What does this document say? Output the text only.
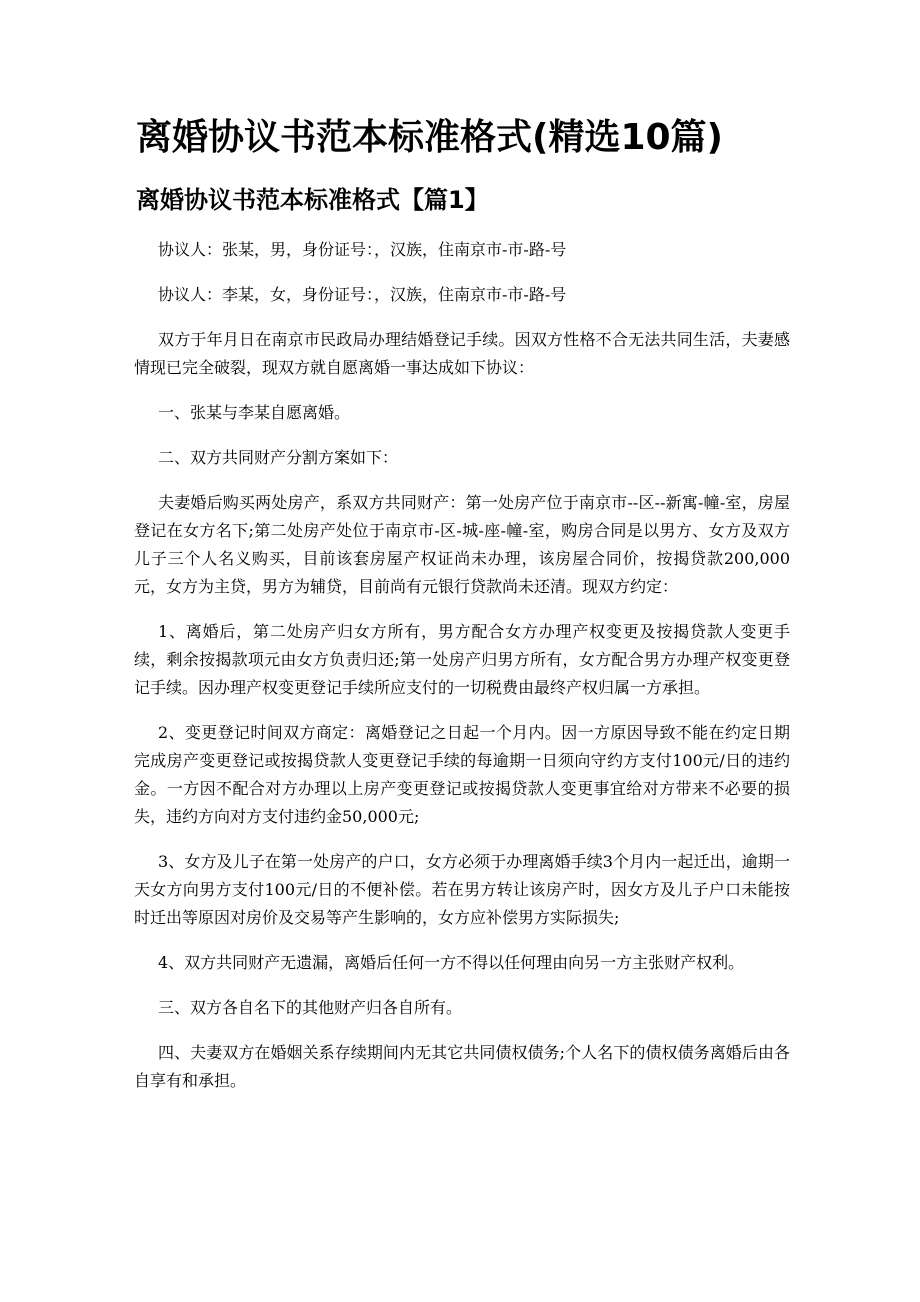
离婚协议书范本标准格式(精选10篇)
离婚协议书范本标准格式【篇1】

协议人：张某，男，身份证号：，汉族，住南京市-市-路-号

协议人：李某，女，身份证号：，汉族，住南京市-市-路-号

双方于年月日在南京市民政局办理结婚登记手续。因双方性格不合无法共同生活，夫妻感情现已完全破裂，现双方就自愿离婚一事达成如下协议：

一、张某与李某自愿离婚。

二、双方共同财产分割方案如下：

夫妻婚后购买两处房产，系双方共同财产：第一处房产位于南京市--区--新寓-幢-室，房屋登记在女方名下;第二处房产处位于南京市-区-城-座-幢-室，购房合同是以男方、女方及双方儿子三个人名义购买，目前该套房屋产权证尚未办理，该房屋合同价，按揭贷款200,000元，女方为主贷，男方为辅贷，目前尚有元银行贷款尚未还清。现双方约定：

1、离婚后，第二处房产归女方所有，男方配合女方办理产权变更及按揭贷款人变更手续，剩余按揭款项元由女方负责归还;第一处房产归男方所有，女方配合男方办理产权变更登记手续。因办理产权变更登记手续所应支付的一切税费由最终产权归属一方承担。

2、变更登记时间双方商定：离婚登记之日起一个月内。因一方原因导致不能在约定日期完成房产变更登记或按揭贷款人变更登记手续的每逾期一日须向守约方支付100元/日的违约金。一方因不配合对方办理以上房产变更登记或按揭贷款人变更事宜给对方带来不必要的损失，违约方向对方支付违约金50,000元;

3、女方及儿子在第一处房产的户口，女方必须于办理离婚手续3个月内一起迁出，逾期一天女方向男方支付100元/日的不便补偿。若在男方转让该房产时，因女方及儿子户口未能按时迁出等原因对房价及交易等产生影响的，女方应补偿男方实际损失;

4、双方共同财产无遗漏，离婚后任何一方不得以任何理由向另一方主张财产权利。

三、双方各自名下的其他财产归各自所有。

四、夫妻双方在婚姻关系存续期间内无其它共同债权债务;个人名下的债权债务离婚后由各自享有和承担。
